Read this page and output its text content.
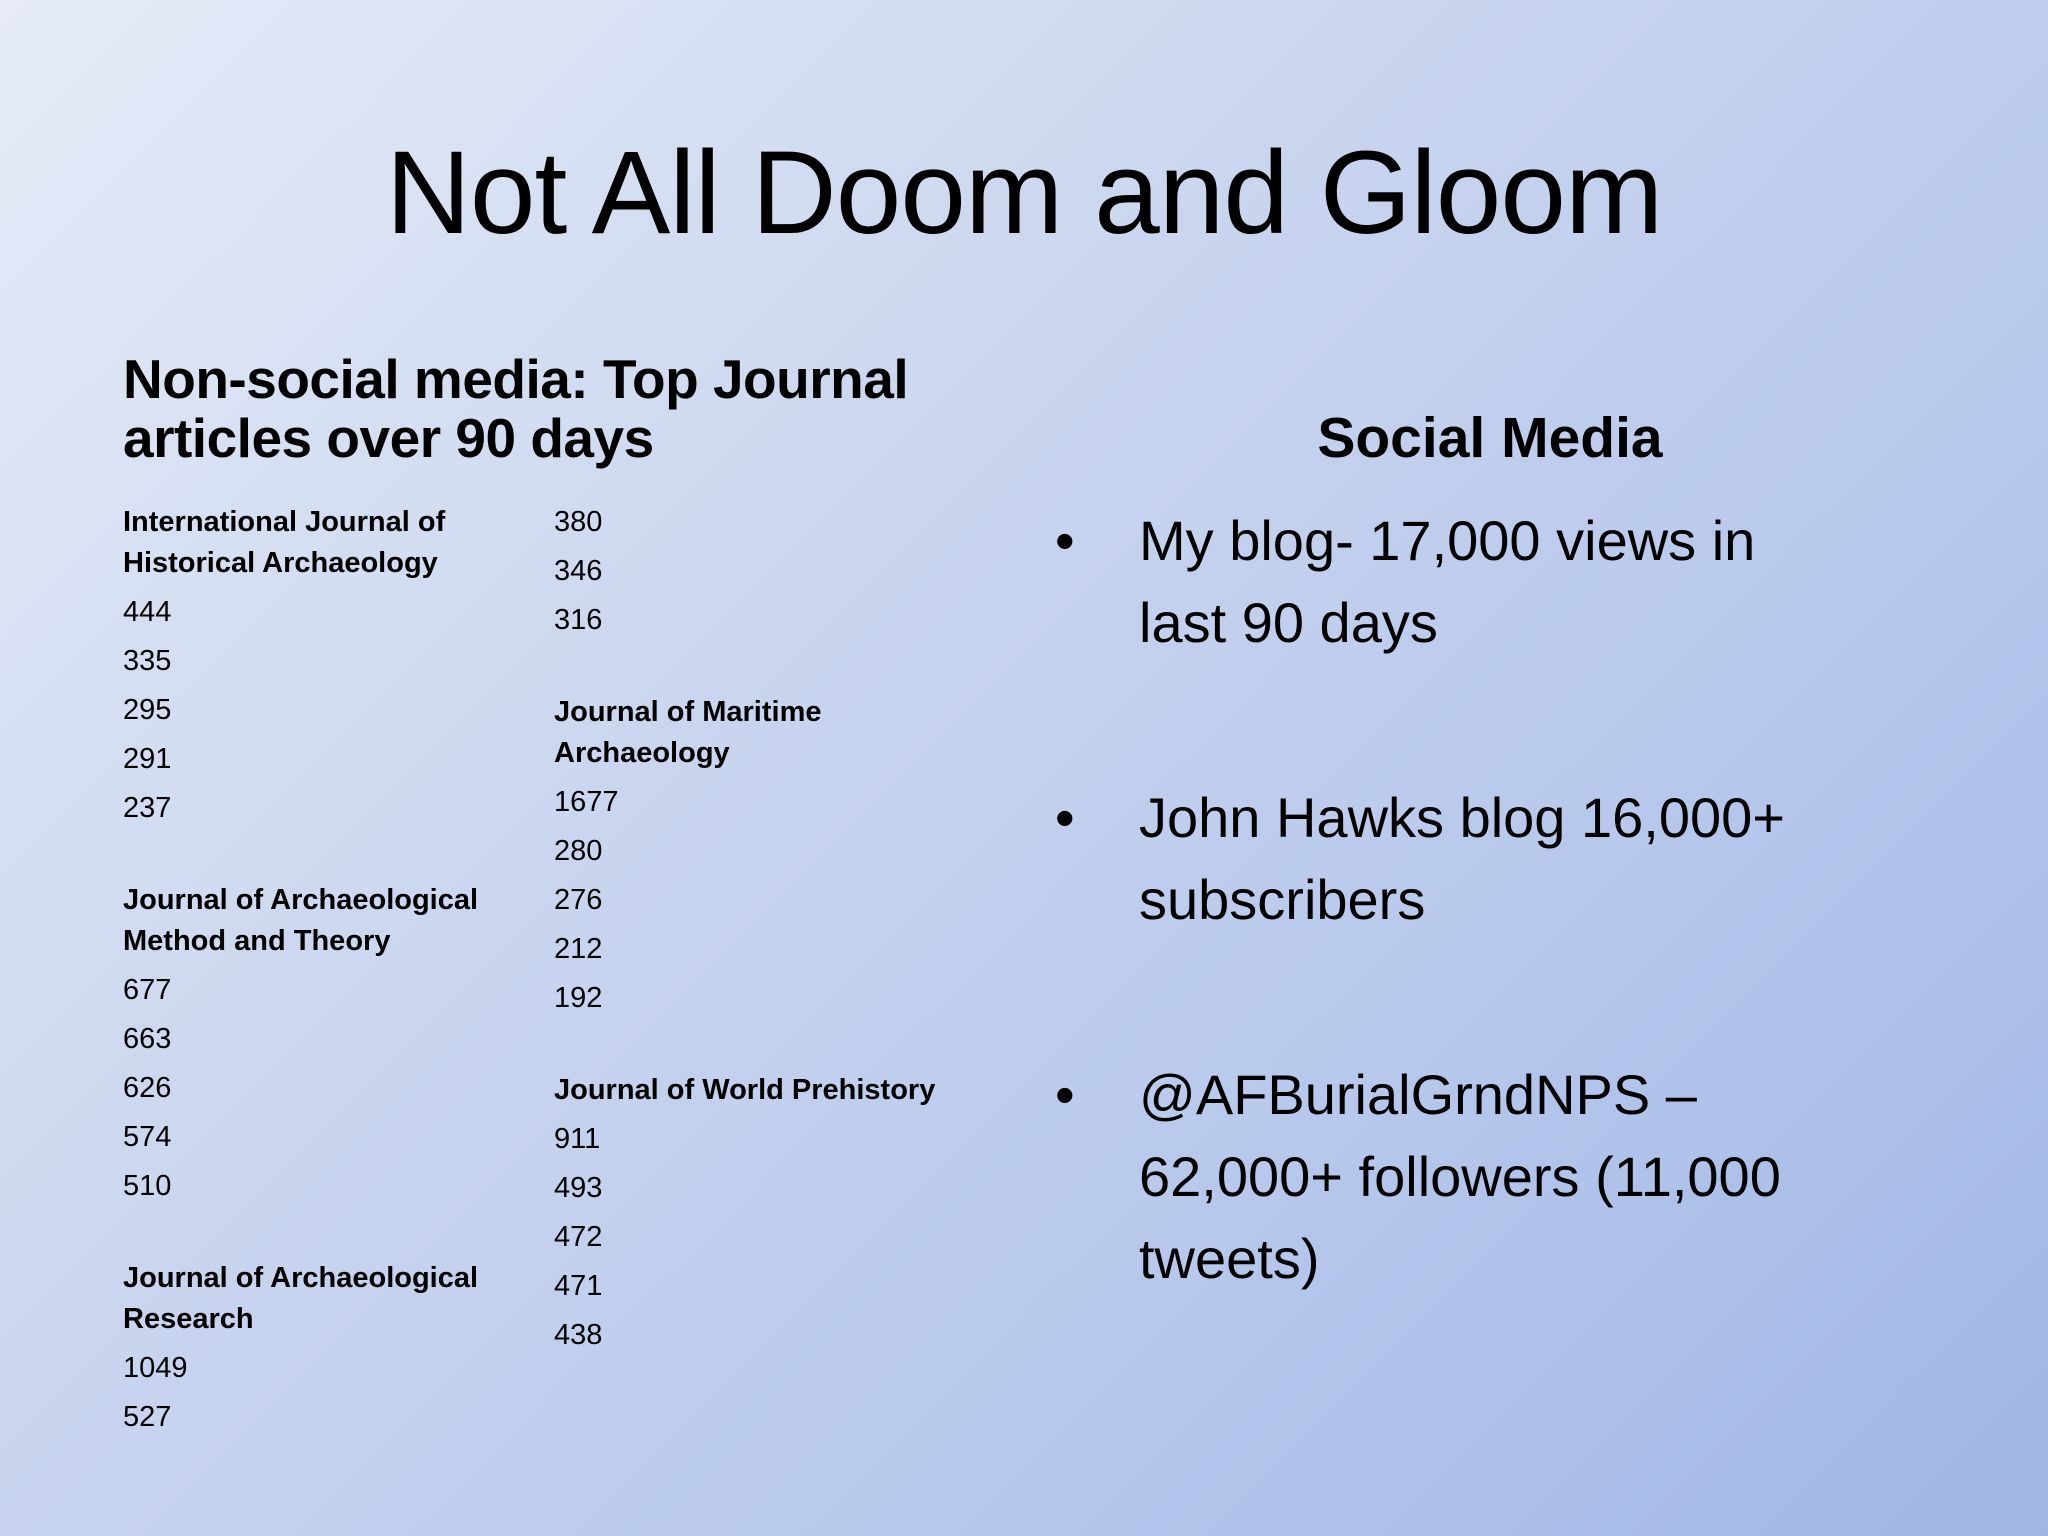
Not All Doom and Gloom
Non-social media: Top Journal
articles over 90 days
International Journal of
Historical Archaeology
444
335
295
291
237
Journal of Archaeological
Method and Theory
677
663
626
574
510
Journal of Archaeological
Research
1049
527
380
346
316
Journal of Maritime
Archaeology
1677
280
276
212
192
Journal of World Prehistory
911
493
472
471
438
Social Media
• My blog- 17,000 views in
last 90 days
• John Hawks blog 16,000+
subscribers
• @AFBurialGrndNPS –
62,000+ followers (11,000
tweets)
